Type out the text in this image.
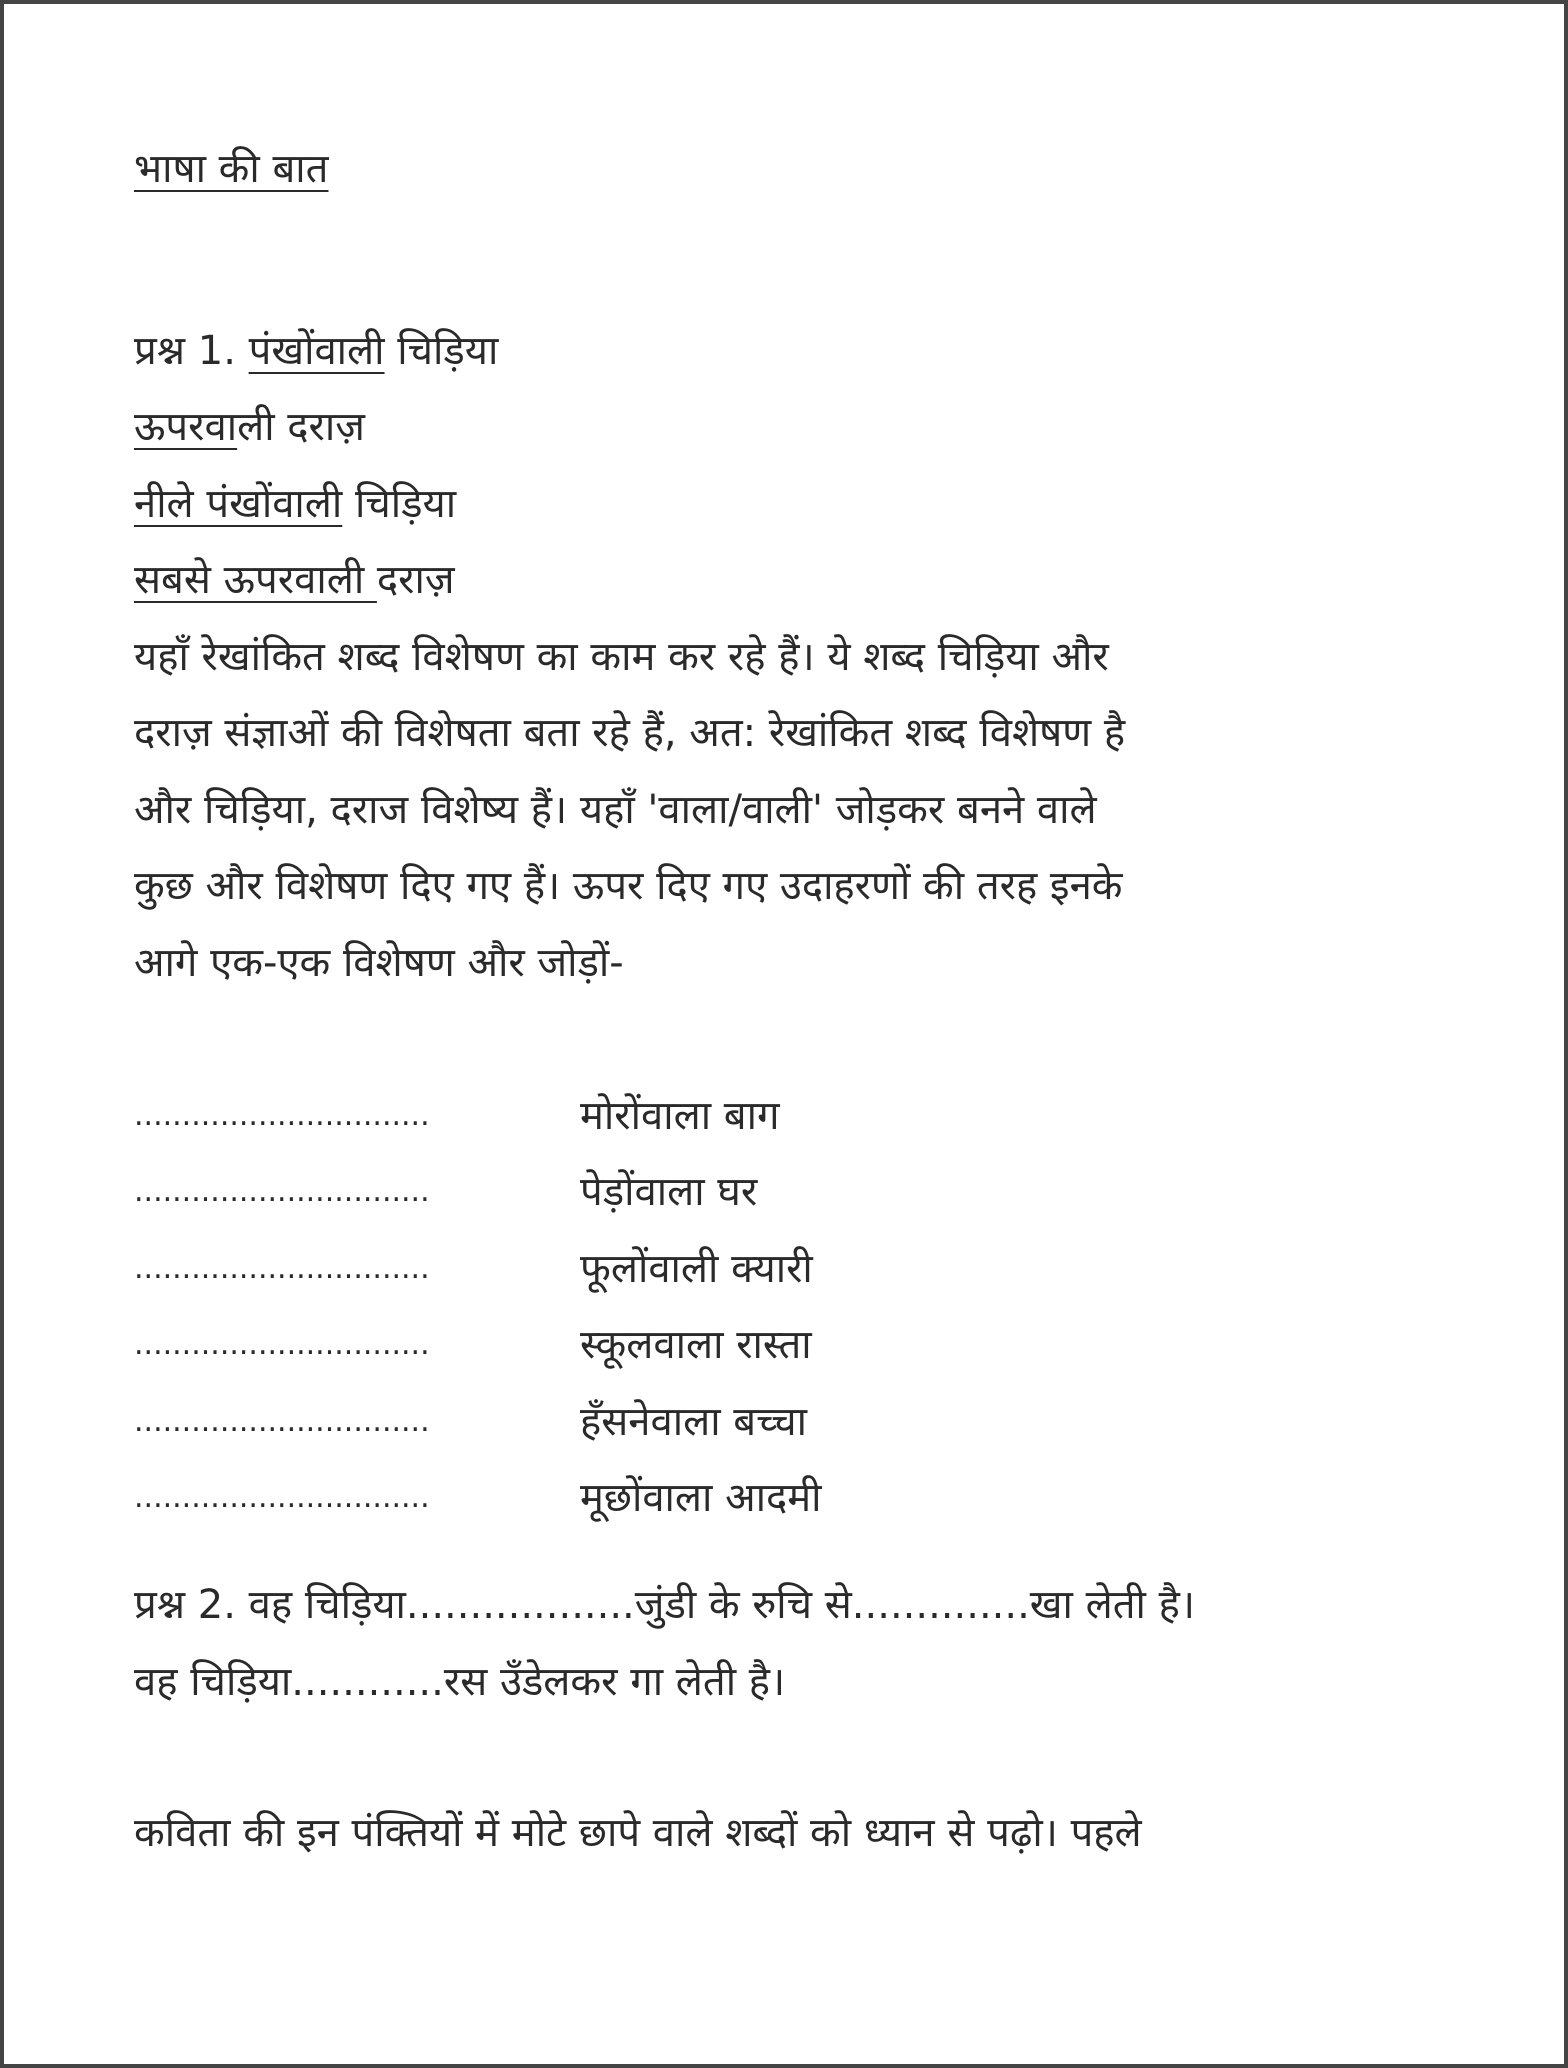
भाषा की बात
प्रश्न 1. पंखोंवाली चिड़िया
ऊपरवाली दराज़
नीले पंखोंवाली चिड़िया
सबसे ऊपरवाली दराज़
यहाँ रेखांकित शब्द विशेषण का काम कर रहे हैं। ये शब्द चिड़िया और
दराज़ संज्ञाओं की विशेषता बता रहे हैं, अत: रेखांकित शब्द विशेषण है
और चिड़िया, दराज विशेष्य हैं। यहाँ 'वाला/वाली' जोड़कर बनने वाले
कुछ और विशेषण दिए गए हैं। ऊपर दिए गए उदाहरणों की तरह इनके
आगे एक-एक विशेषण और जोड़ों-
...............................	मोरोंवाला बाग
...............................	पेड़ोंवाला घर
...............................	फूलोंवाली क्यारी
...............................	स्कूलवाला रास्ता
...............................	हँसनेवाला बच्चा
...............................	मूछोंवाला आदमी
प्रश्न 2. वह चिड़िया..................जुंडी के रुचि से..............खा लेती है।
वह चिड़िया............रस उँडेलकर गा लेती है।
कविता की इन पंक्तियों में मोटे छापे वाले शब्दों को ध्यान से पढ़ो। पहले
